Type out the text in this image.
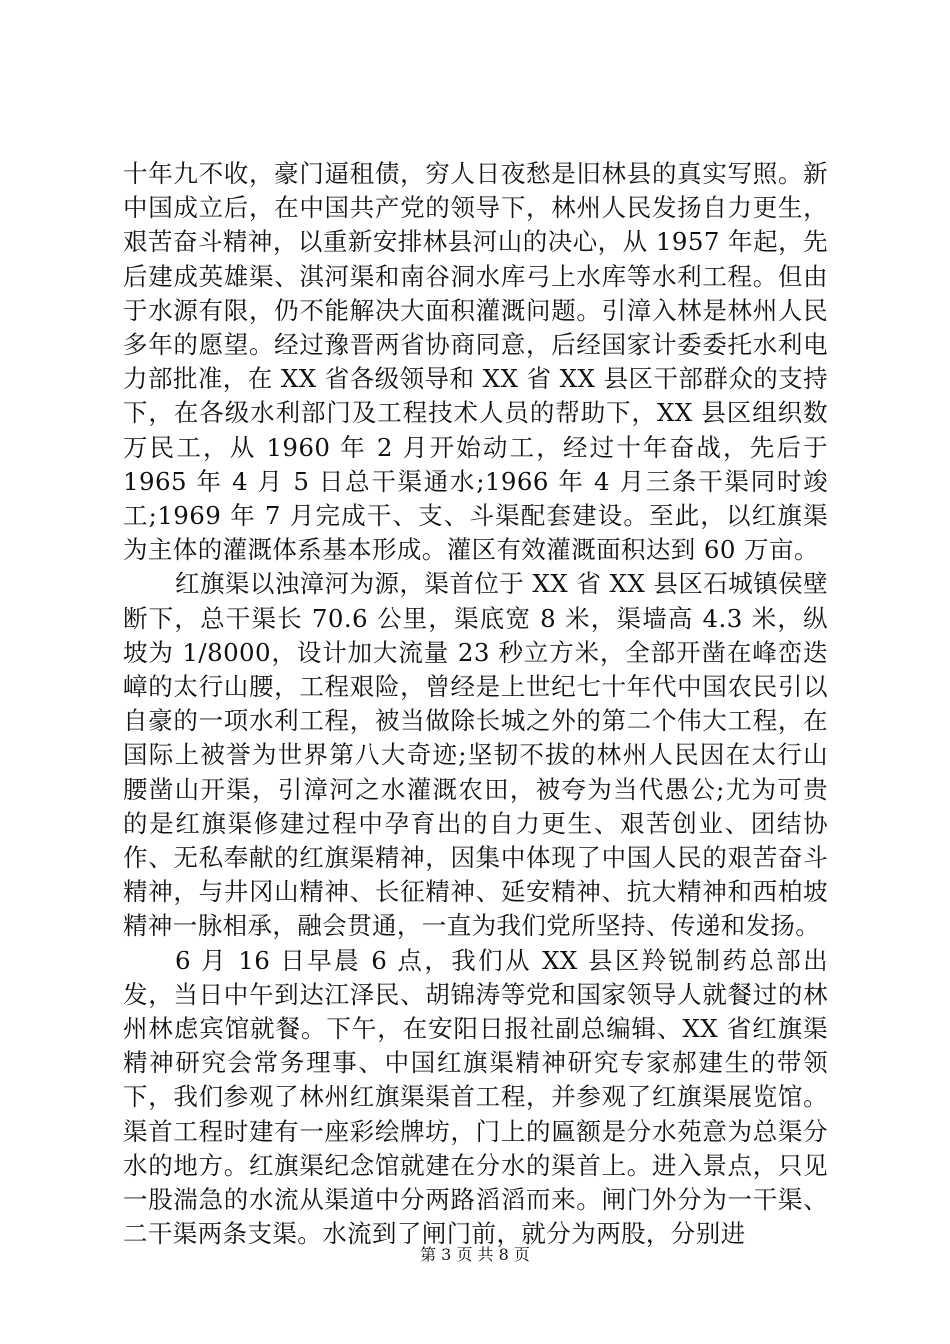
十年九不收，豪门逼租债，穷人日夜愁是旧林县的真实写照。新中国成立后，在中国共产党的领导下，林州人民发扬自力更生，艰苦奋斗精神，以重新安排林县河山的决心，从 1957 年起，先后建成英雄渠、淇河渠和南谷洞水库弓上水库等水利工程。但由于水源有限，仍不能解决大面积灌溉问题。引漳入林是林州人民多年的愿望。经过豫晋两省协商同意，后经国家计委委托水利电力部批准，在 XX 省各级领导和 XX 省 XX 县区干部群众的支持下，在各级水利部门及工程技术人员的帮助下，XX 县区组织数万民工，从 1960 年 2 月开始动工，经过十年奋战，先后于 1965 年 4 月 5 日总干渠通水;1966 年 4 月三条干渠同时竣工;1969 年 7 月完成干、支、斗渠配套建设。至此，以红旗渠为主体的灌溉体系基本形成。灌区有效灌溉面积达到 60 万亩。

红旗渠以浊漳河为源，渠首位于 XX 省 XX 县区石城镇侯壁断下，总干渠长 70.6 公里，渠底宽 8 米，渠墙高 4.3 米，纵坡为 1/8000，设计加大流量 23 秒立方米，全部开凿在峰峦迭嶂的太行山腰，工程艰险，曾经是上世纪七十年代中国农民引以自豪的一项水利工程，被当做除长城之外的第二个伟大工程，在国际上被誉为世界第八大奇迹;坚韧不拔的林州人民因在太行山腰凿山开渠，引漳河之水灌溉农田，被夸为当代愚公;尤为可贵的是红旗渠修建过程中孕育出的自力更生、艰苦创业、团结协作、无私奉献的红旗渠精神，因集中体现了中国人民的艰苦奋斗精神，与井冈山精神、长征精神、延安精神、抗大精神和西柏坡精神一脉相承，融会贯通，一直为我们党所坚持、传递和发扬。

6 月 16 日早晨 6 点，我们从 XX 县区羚锐制药总部出发，当日中午到达江泽民、胡锦涛等党和国家领导人就餐过的林州林虑宾馆就餐。下午，在安阳日报社副总编辑、XX 省红旗渠精神研究会常务理事、中国红旗渠精神研究专家郝建生的带领下，我们参观了林州红旗渠渠首工程，并参观了红旗渠展览馆。渠首工程时建有一座彩绘牌坊，门上的匾额是分水苑意为总渠分水的地方。红旗渠纪念馆就建在分水的渠首上。进入景点，只见一股湍急的水流从渠道中分两路滔滔而来。闸门外分为一干渠、二干渠两条支渠。水流到了闸门前，就分为两股，分别进

第 3 页 共 8 页
